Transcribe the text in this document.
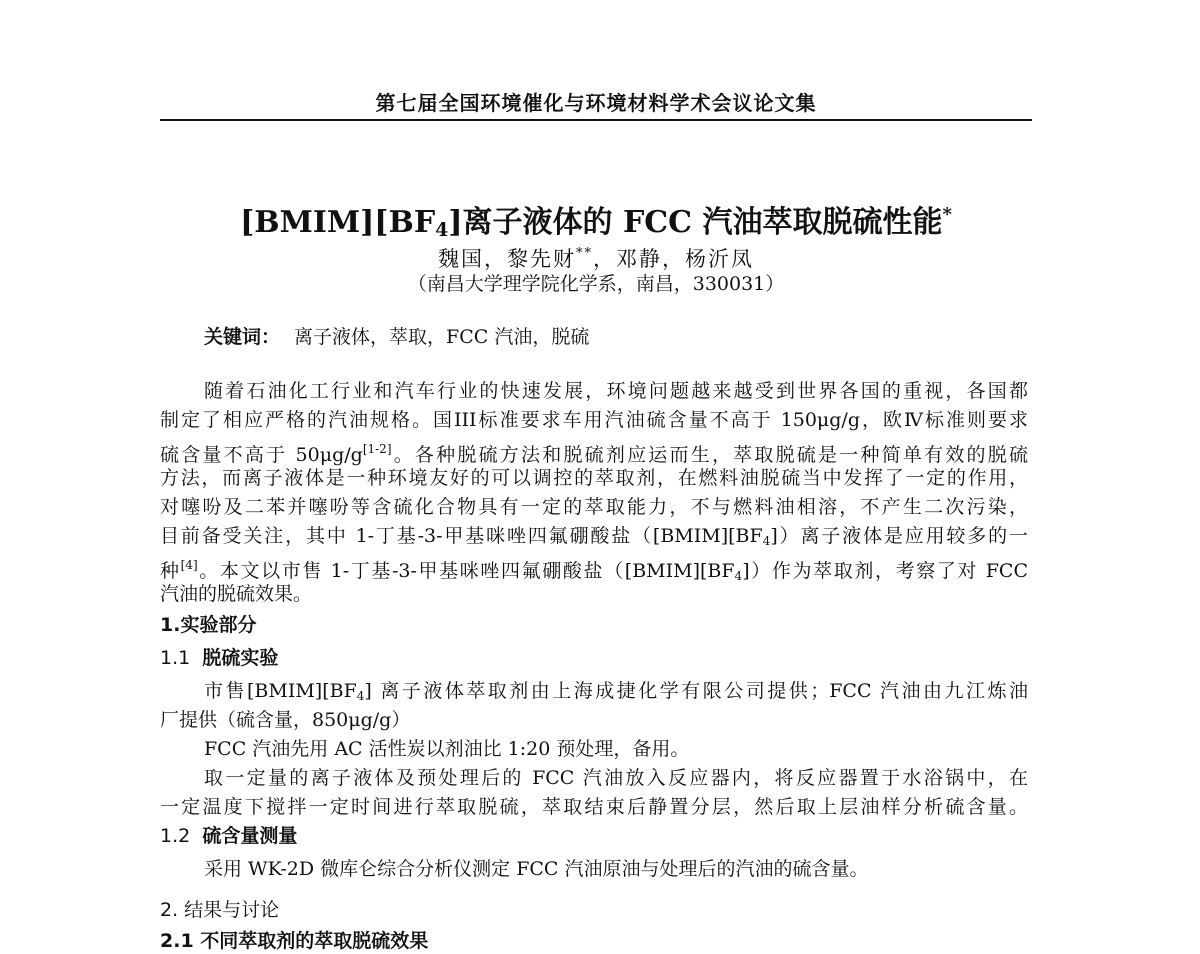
第七届全国环境催化与环境材料学术会议论文集
$[BMIM][BF_4]$离子液体的 FCC 汽油萃取脱硫性能*
魏国，黎先财**，邓静，杨沂凤
（南昌大学理学院化学系，南昌，330031）
关键词： 离子液体，萃取，FCC 汽油，脱硫
随着石油化工行业和汽车行业的快速发展，环境问题越来越受到世界各国的重视，各国都
制定了相应严格的汽油规格。国III标准要求车用汽油硫含量不高于 150μg/g，欧Ⅳ标准则要求
硫含量不高于 50μg/g[1-2]。各种脱硫方法和脱硫剂应运而生，萃取脱硫是一种简单有效的脱硫
方法，而离子液体是一种环境友好的可以调控的萃取剂，在燃料油脱硫当中发挥了一定的作用，
对噻吩及二苯并噻吩等含硫化合物具有一定的萃取能力，不与燃料油相溶，不产生二次污染，
目前备受关注，其中 1-丁基-3-甲基咪唑四氟硼酸盐$([BMIM][BF_4])$离子液体是应用较多的一
种[4]。本文以市售 1-丁基-3-甲基咪唑四氟硼酸盐$([BMIM][BF_4])$作为萃取剂，考察了对 FCC
汽油的脱硫效果。
1.实验部分
1.1 脱硫实验
市售$[BMIM][BF_4]$ 离子液体萃取剂由上海成捷化学有限公司提供；FCC 汽油由九江炼油
厂提供（硫含量，850μg/g）
FCC 汽油先用 AC 活性炭以剂油比 1:20 预处理，备用。
取一定量的离子液体及预处理后的 FCC 汽油放入反应器内，将反应器置于水浴锅中，在
一定温度下搅拌一定时间进行萃取脱硫，萃取结束后静置分层，然后取上层油样分析硫含量。
1.2 硫含量测量
采用 WK-2D 微库仑综合分析仪测定 FCC 汽油原油与处理后的汽油的硫含量。
2. 结果与讨论
2.1 不同萃取剂的萃取脱硫效果
